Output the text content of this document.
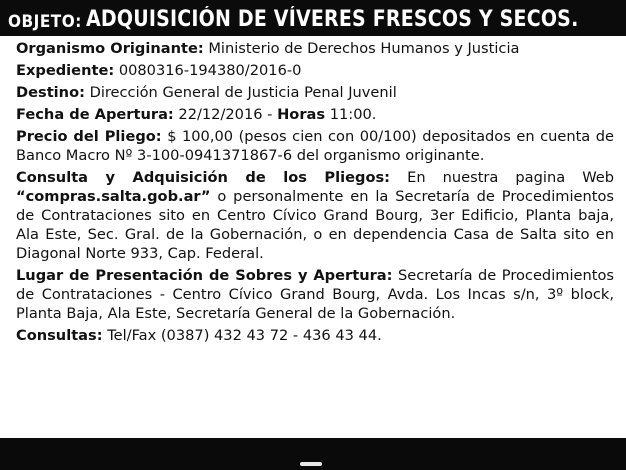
OBJETO: ADQUISICIÓN DE VÍVERES FRESCOS Y SECOS.

Organismo Originante: Ministerio de Derechos Humanos y Justicia

Expediente: 0080316-194380/2016-0

Destino: Dirección General de Justicia Penal Juvenil

Fecha de Apertura: 22/12/2016 - Horas 11:00.

Precio del Pliego: $ 100,00 (pesos cien con 00/100) depositados en cuenta de Banco Macro Nº 3-100-0941371867-6 del organismo originante.

Consulta y Adquisición de los Pliegos: En nuestra pagina Web “compras.salta.gob.ar” o personalmente en la Secretaría de Procedimientos de Contrataciones sito en Centro Cívico Grand Bourg, 3er Edificio, Planta baja, Ala Este, Sec. Gral. de la Gobernación, o en dependencia Casa de Salta sito en Diagonal Norte 933, Cap. Federal.

Lugar de Presentación de Sobres y Apertura: Secretaría de Procedimientos de Contrataciones - Centro Cívico Grand Bourg, Avda. Los Incas s/n, 3º block, Planta Baja, Ala Este, Secretaría General de la Gobernación.

Consultas: Tel/Fax (0387) 432 43 72 - 436 43 44.
